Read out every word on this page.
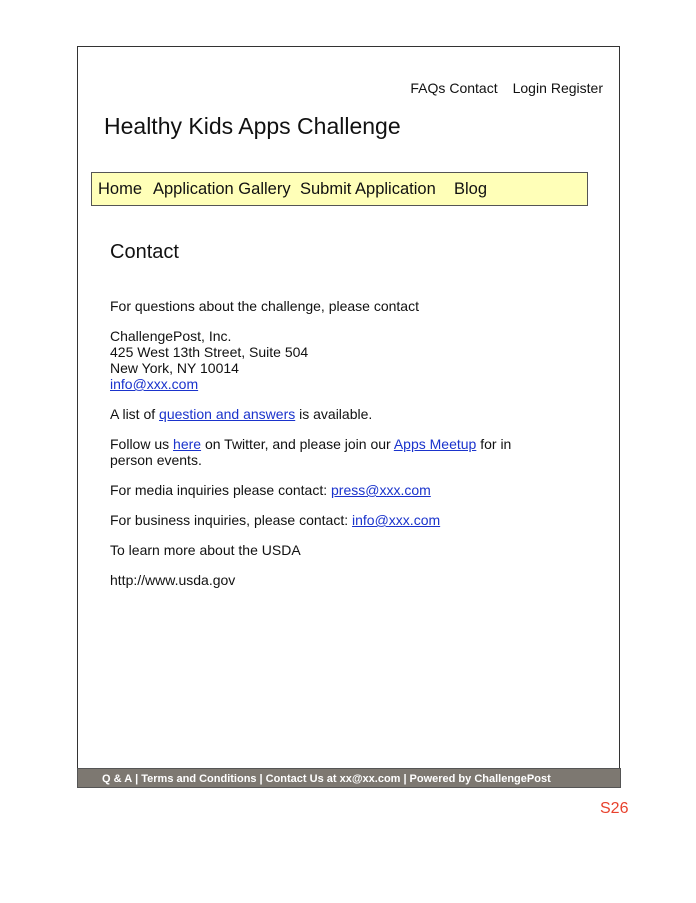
FAQs Contact Login Register
Healthy Kids Apps Challenge
Home Application Gallery Submit Application Blog
Contact

For questions about the challenge, please contact

ChallengePost, Inc.
425 West 13th Street, Suite 504
New York, NY 10014
info@xxx.com

A list of question and answers is available.

Follow us here on Twitter, and please join our Apps Meetup for in person events.

For media inquiries please contact: press@xxx.com

For business inquiries, please contact: info@xxx.com

To learn more about the USDA

http://www.usda.gov

Q & A | Terms and Conditions | Contact Us at xx@xx.com | Powered by ChallengePost
S26
